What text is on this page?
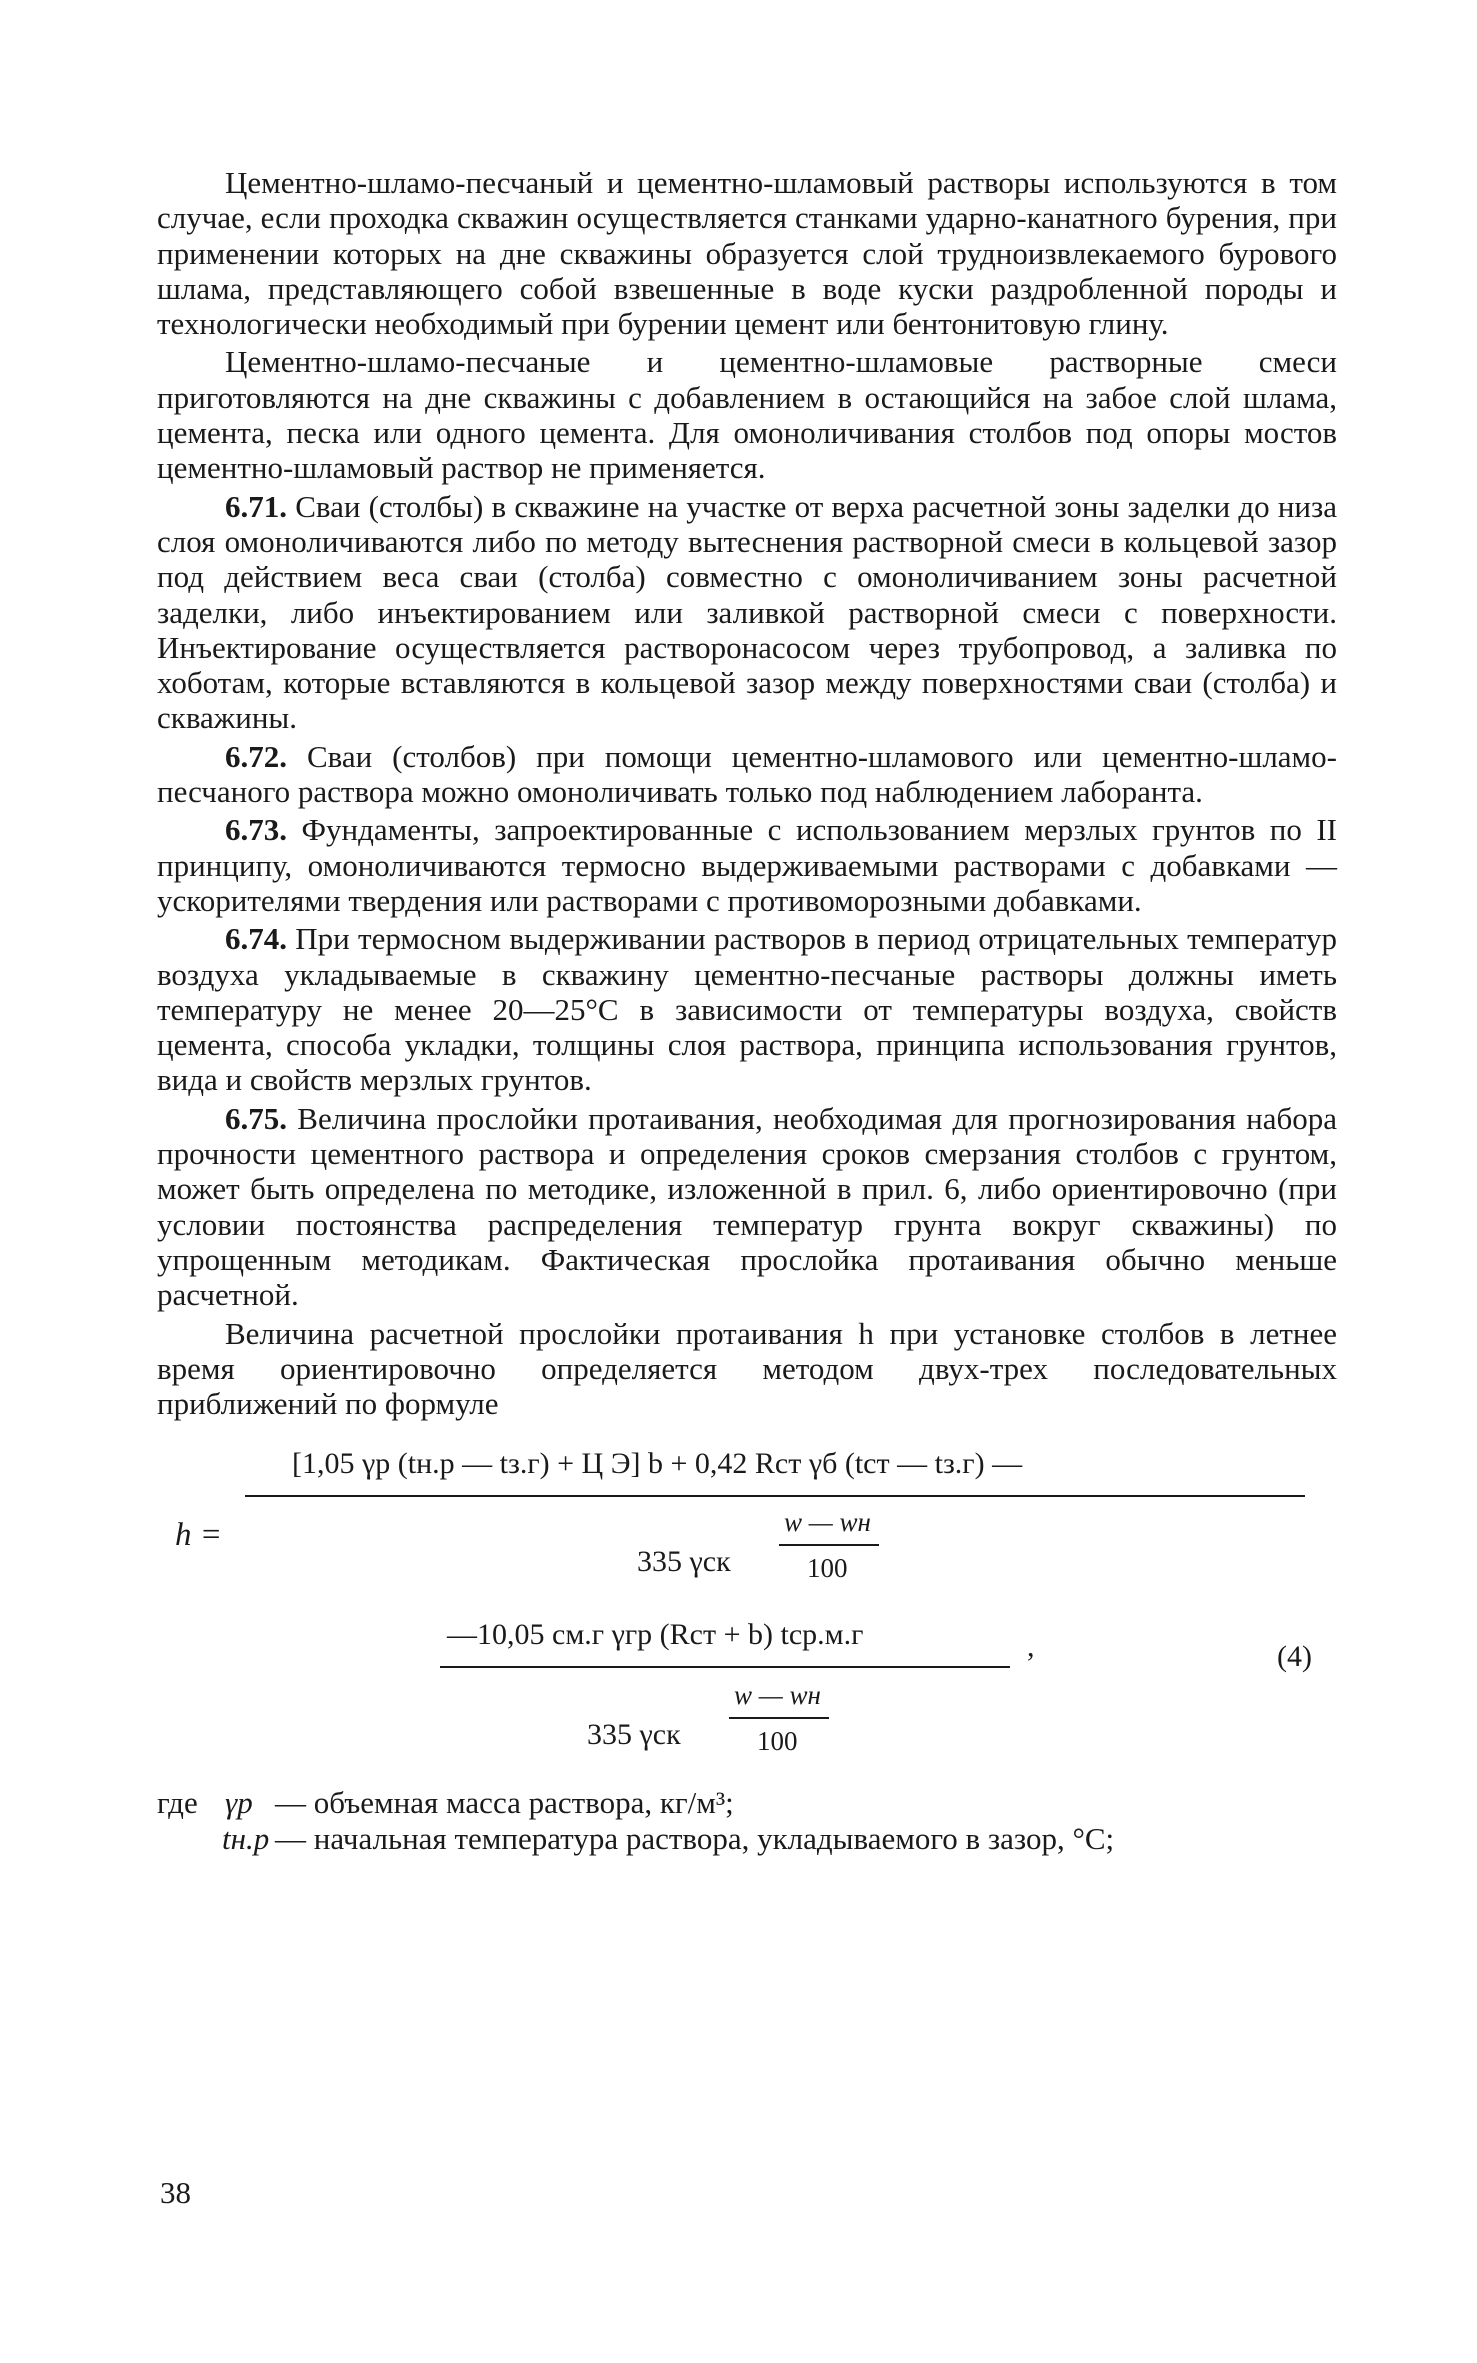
Цементно-шламо-песчаный и цементно-шламовый растворы используются в том случае, если проходка скважин осуществляется станками ударно-канатного бурения, при применении которых на дне скважины образуется слой трудноизвлекаемого бурового шлама, представляющего собой взвешенные в воде куски раздробленной породы и технологически необходимый при бурении цемент или бентонитовую глину.

Цементно-шламо-песчаные и цементно-шламовые растворные смеси приготовляются на дне скважины с добавлением в остающийся на забое слой шлама, цемента, песка или одного цемента. Для омоноличивания столбов под опоры мостов цементно-шламовый раствор не применяется.

6.71. Сваи (столбы) в скважине на участке от верха расчетной зоны заделки до низа слоя омоноличиваются либо по методу вытеснения растворной смеси в кольцевой зазор под действием веса сваи (столба) совместно с омоноличиванием зоны расчетной заделки, либо инъектированием или заливкой растворной смеси с поверхности. Инъектирование осуществляется растворонасосом через трубопровод, а заливка по хоботам, которые вставляются в кольцевой зазор между поверхностями сваи (столба) и скважины.

6.72. Сваи (столбов) при помощи цементно-шламового или цементно-шламо-песчаного раствора можно омоноличивать только под наблюдением лаборанта.

6.73. Фундаменты, запроектированные с использованием мерзлых грунтов по II принципу, омоноличиваются термосно выдерживаемыми растворами с добавками — ускорителями твердения или растворами с противоморозными добавками.

6.74. При термосном выдерживании растворов в период отрицательных температур воздуха укладываемые в скважину цементно-песчаные растворы должны иметь температуру не менее 20—25°С в зависимости от температуры воздуха, свойств цемента, способа укладки, толщины слоя раствора, принципа использования грунтов, вида и свойств мерзлых грунтов.

6.75. Величина прослойки протаивания, необходимая для прогнозирования набора прочности цементного раствора и определения сроков смерзания столбов с грунтом, может быть определена по методике, изложенной в прил. 6, либо ориентировочно (при условии постоянства распределения температур грунта вокруг скважины) по упрощенным методикам. Фактическая прослойка протаивания обычно меньше расчетной.

Величина расчетной прослойки протаивания h при установке столбов в летнее время ориентировочно определяется методом двух-трех последовательных приближений по формуле

h =
[1,05 γр (tн.р — tз.г) + Ц Э] b + 0,42 Rст γб (tст — tз.г) —
335 γск
w — wн
100
—10,05 cм.г γгр (Rст + b) tср.м.г	,	(4)
335 γск
w — wн
100
где γр — объемная масса раствора, кг/м³;
tн.р — начальная температура раствора, укладываемого в зазор, °С;
38
